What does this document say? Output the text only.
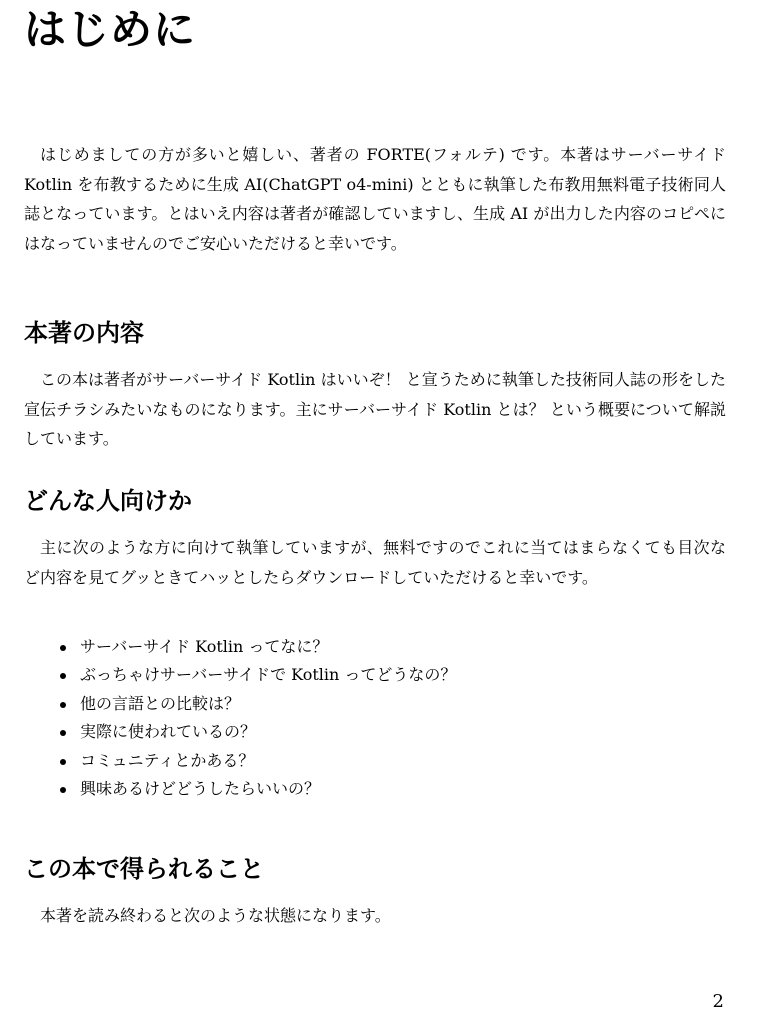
はじめに

はじめましての方が多いと嬉しい、著者の FORTE(フォルテ) です。本著はサーバーサイド Kotlin を布教するために生成 AI(ChatGPT o4-mini) とともに執筆した布教用無料電子技術同人誌となっています。とはいえ内容は著者が確認していますし、生成 AI が出力した内容のコピペにはなっていませんのでご安心いただけると幸いです。

本著の内容

この本は著者がサーバーサイド Kotlin はいいぞ！ と宣うために執筆した技術同人誌の形をした宣伝チラシみたいなものになります。主にサーバーサイド Kotlin とは？ という概要について解説しています。

どんな人向けか

主に次のような方に向けて執筆していますが、無料ですのでこれに当てはまらなくても目次など内容を見てグッときてハッとしたらダウンロードしていただけると幸いです。

サーバーサイド Kotlin ってなに？
ぶっちゃけサーバーサイドで Kotlin ってどうなの？
他の言語との比較は？
実際に使われているの？
コミュニティとかある？
興味あるけどどうしたらいいの？
この本で得られること

本著を読み終わると次のような状態になります。

2
